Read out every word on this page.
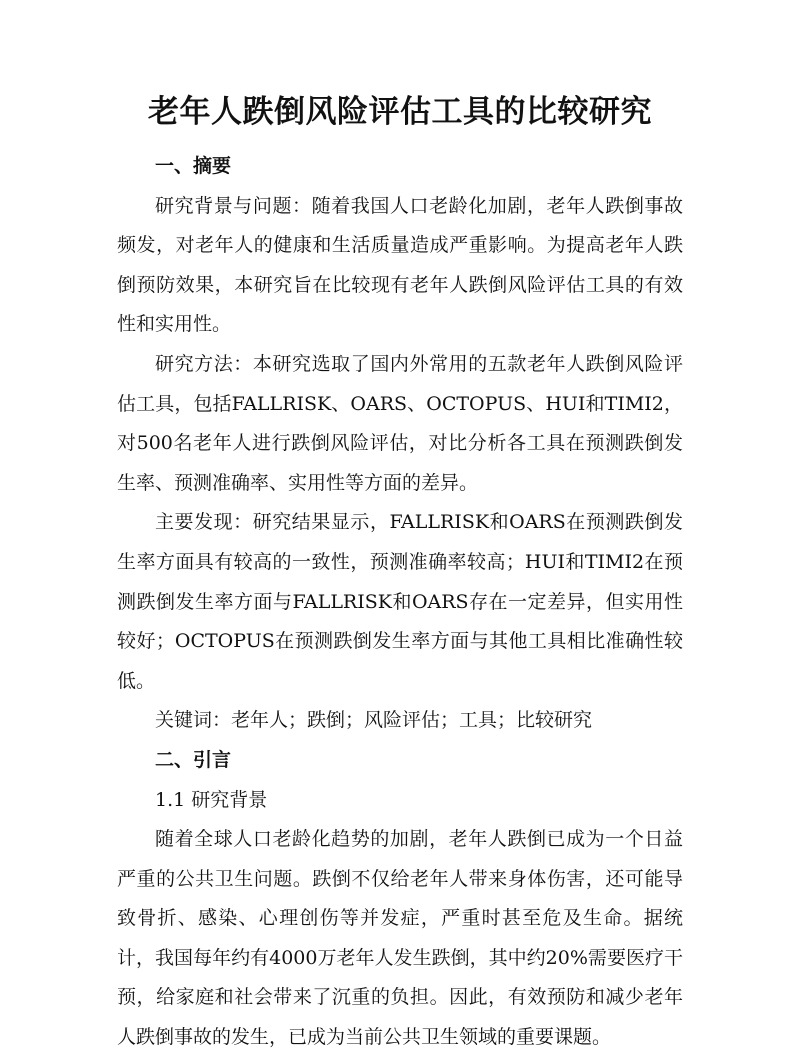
老年人跌倒风险评估工具的比较研究

一、摘要

研究背景与问题：随着我国人口老龄化加剧，老年人跌倒事故频发，对老年人的健康和生活质量造成严重影响。为提高老年人跌倒预防效果，本研究旨在比较现有老年人跌倒风险评估工具的有效性和实用性。

研究方法：本研究选取了国内外常用的五款老年人跌倒风险评估工具，包括FALLRISK、OARS、OCTOPUS、HUI和TIMI2，对500名老年人进行跌倒风险评估，对比分析各工具在预测跌倒发生率、预测准确率、实用性等方面的差异。

主要发现：研究结果显示，FALLRISK和OARS在预测跌倒发生率方面具有较高的一致性，预测准确率较高；HUI和TIMI2在预测跌倒发生率方面与FALLRISK和OARS存在一定差异，但实用性较好；OCTOPUS在预测跌倒发生率方面与其他工具相比准确性较低。

关键词：老年人；跌倒；风险评估；工具；比较研究

二、引言

1.1 研究背景

随着全球人口老龄化趋势的加剧，老年人跌倒已成为一个日益严重的公共卫生问题。跌倒不仅给老年人带来身体伤害，还可能导致骨折、感染、心理创伤等并发症，严重时甚至危及生命。据统计，我国每年约有4000万老年人发生跌倒，其中约20%需要医疗干预，给家庭和社会带来了沉重的负担。因此，有效预防和减少老年人跌倒事故的发生，已成为当前公共卫生领域的重要课题。
